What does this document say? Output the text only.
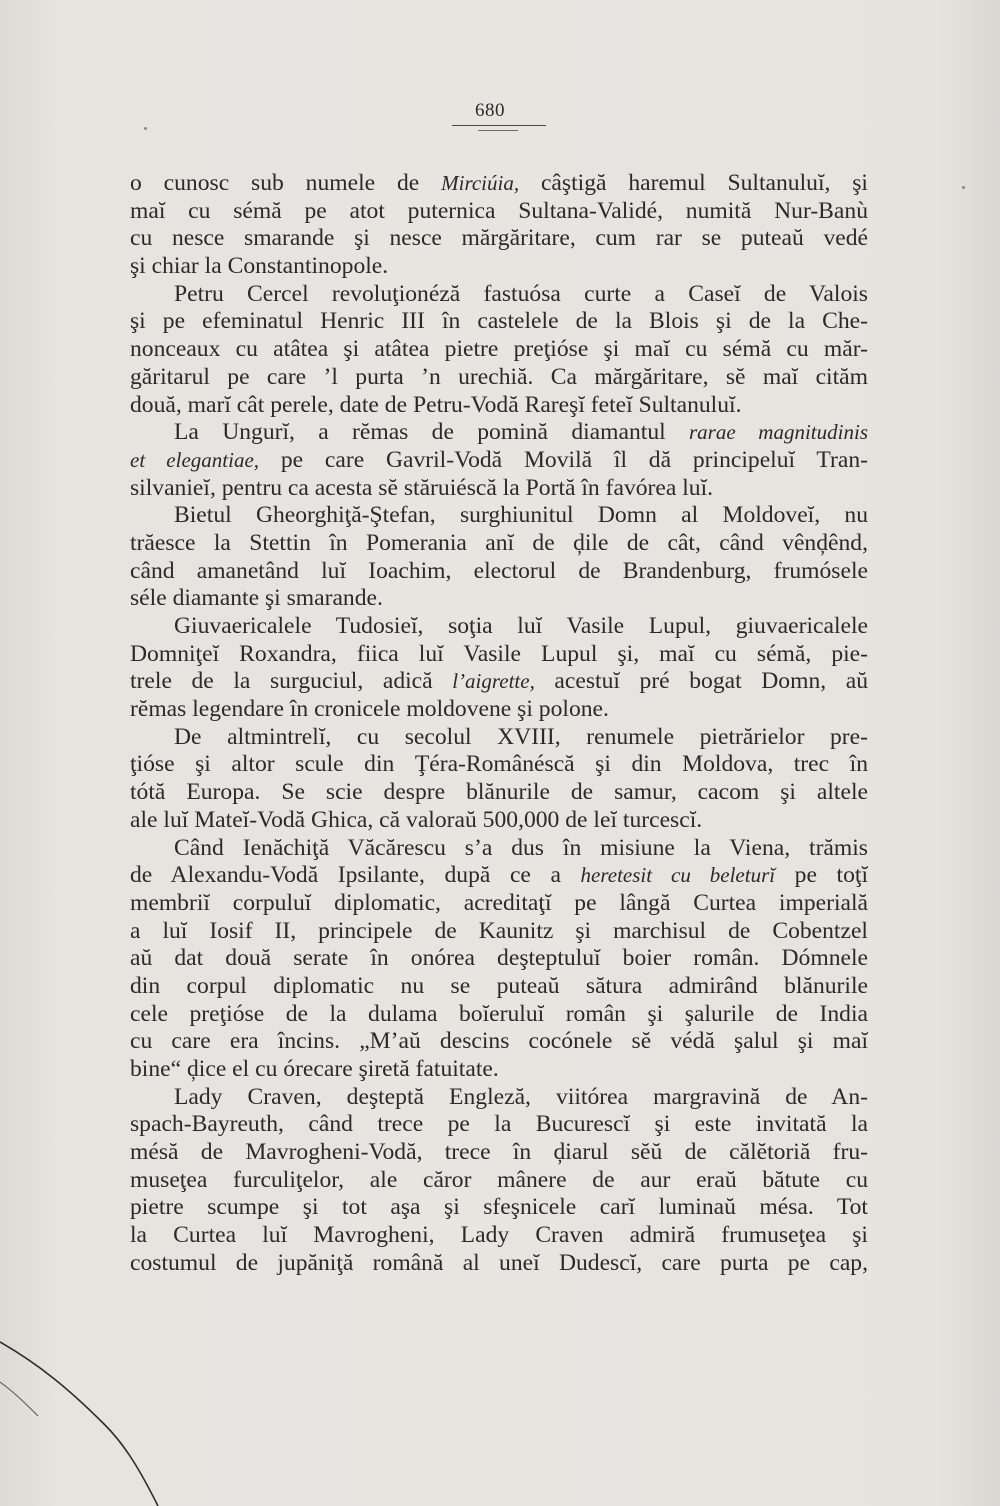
680
o cunosc sub numele de Mirciúia, câştigă haremul Sultanuluĭ, şi
maĭ cu sémă pe atot puternica Sultana-Validé, numită Nur-Banù
cu nesce smarande şi nesce mărgăritare, cum rar se puteaŭ vedé
şi chiar la Constantinopole.
Petru Cercel revoluţionéză fastuósa curte a Caseĭ de Valois
şi pe efeminatul Henric III în castelele de la Blois şi de la Che-
nonceaux cu atâtea şi atâtea pietre preţióse şi maĭ cu sémă cu măr-
găritarul pe care ’l purta ’n urechiă. Ca mărgăritare, sĕ maĭ cităm
două, marĭ cât perele, date de Petru-Vodă Rareşĭ feteĭ Sultanuluĭ.
La Ungurĭ, a rĕmas de pomină diamantul rarae magnitudinis
et elegantiae, pe care Gavril-Vodă Movilă îl dă principeluĭ Tran-
silvanieĭ, pentru ca acesta sĕ stăruiéscă la Portă în favórea luĭ.
Bietul Gheorghiţă-Ştefan, surghiunitul Domn al Moldoveĭ, nu
trăesce la Stettin în Pomerania anĭ de ḑile de cât, când vênḑênd,
când amanetând luĭ Ioachim, electorul de Brandenburg, frumósele
séle diamante şi smarande.
Giuvaericalele Tudosieĭ, soţia luĭ Vasile Lupul, giuvaericalele
Domniţeĭ Roxandra, fiica luĭ Vasile Lupul şi, maĭ cu sémă, pie-
trele de la surguciul, adică l’aigrette, acestuĭ pré bogat Domn, aŭ
rĕmas legendare în cronicele moldovene şi polone.
De altmintrelĭ, cu secolul XVIII, renumele pietrărielor pre-
ţióse şi altor scule din Ţéra-Românéscă şi din Moldova, trec în
tótă Europa. Se scie despre blănurile de samur, cacom şi altele
ale luĭ Mateĭ-Vodă Ghica, că valoraŭ 500,000 de leĭ turcescĭ.
Când Ienăchiţă Văcărescu s’a dus în misiune la Viena, trămis
de Alexandu-Vodă Ipsilante, după ce a heretesit cu beleturĭ pe toţĭ
membriĭ corpuluĭ diplomatic, acreditaţĭ pe lângă Curtea imperială
a luĭ Iosif II, principele de Kaunitz şi marchisul de Cobentzel
aŭ dat două serate în onórea deşteptuluĭ boier român. Dómnele
din corpul diplomatic nu se puteaŭ sătura admirând blănurile
cele preţióse de la dulama boĭeruluĭ român şi şalurile de India
cu care era încins. „M’aŭ descins cocónele sĕ védă şalul şi maĭ
bine“ ḑice el cu órecare şiretă fatuitate.
Lady Craven, deşteptă Engleză, viitórea margravină de An-
spach-Bayreuth, când trece pe la Bucurescĭ şi este invitată la
mésă de Mavrogheni-Vodă, trece în ḑiarul sĕŭ de călĕtoriă fru-
museţea furculiţelor, ale căror mânere de aur eraŭ bătute cu
pietre scumpe şi tot aşa şi sfeşnicele carĭ luminaŭ mésa. Tot
la Curtea luĭ Mavrogheni, Lady Craven admiră frumuseţea şi
costumul de jupăniţă română al uneĭ Dudescĭ, care purta pe cap,
